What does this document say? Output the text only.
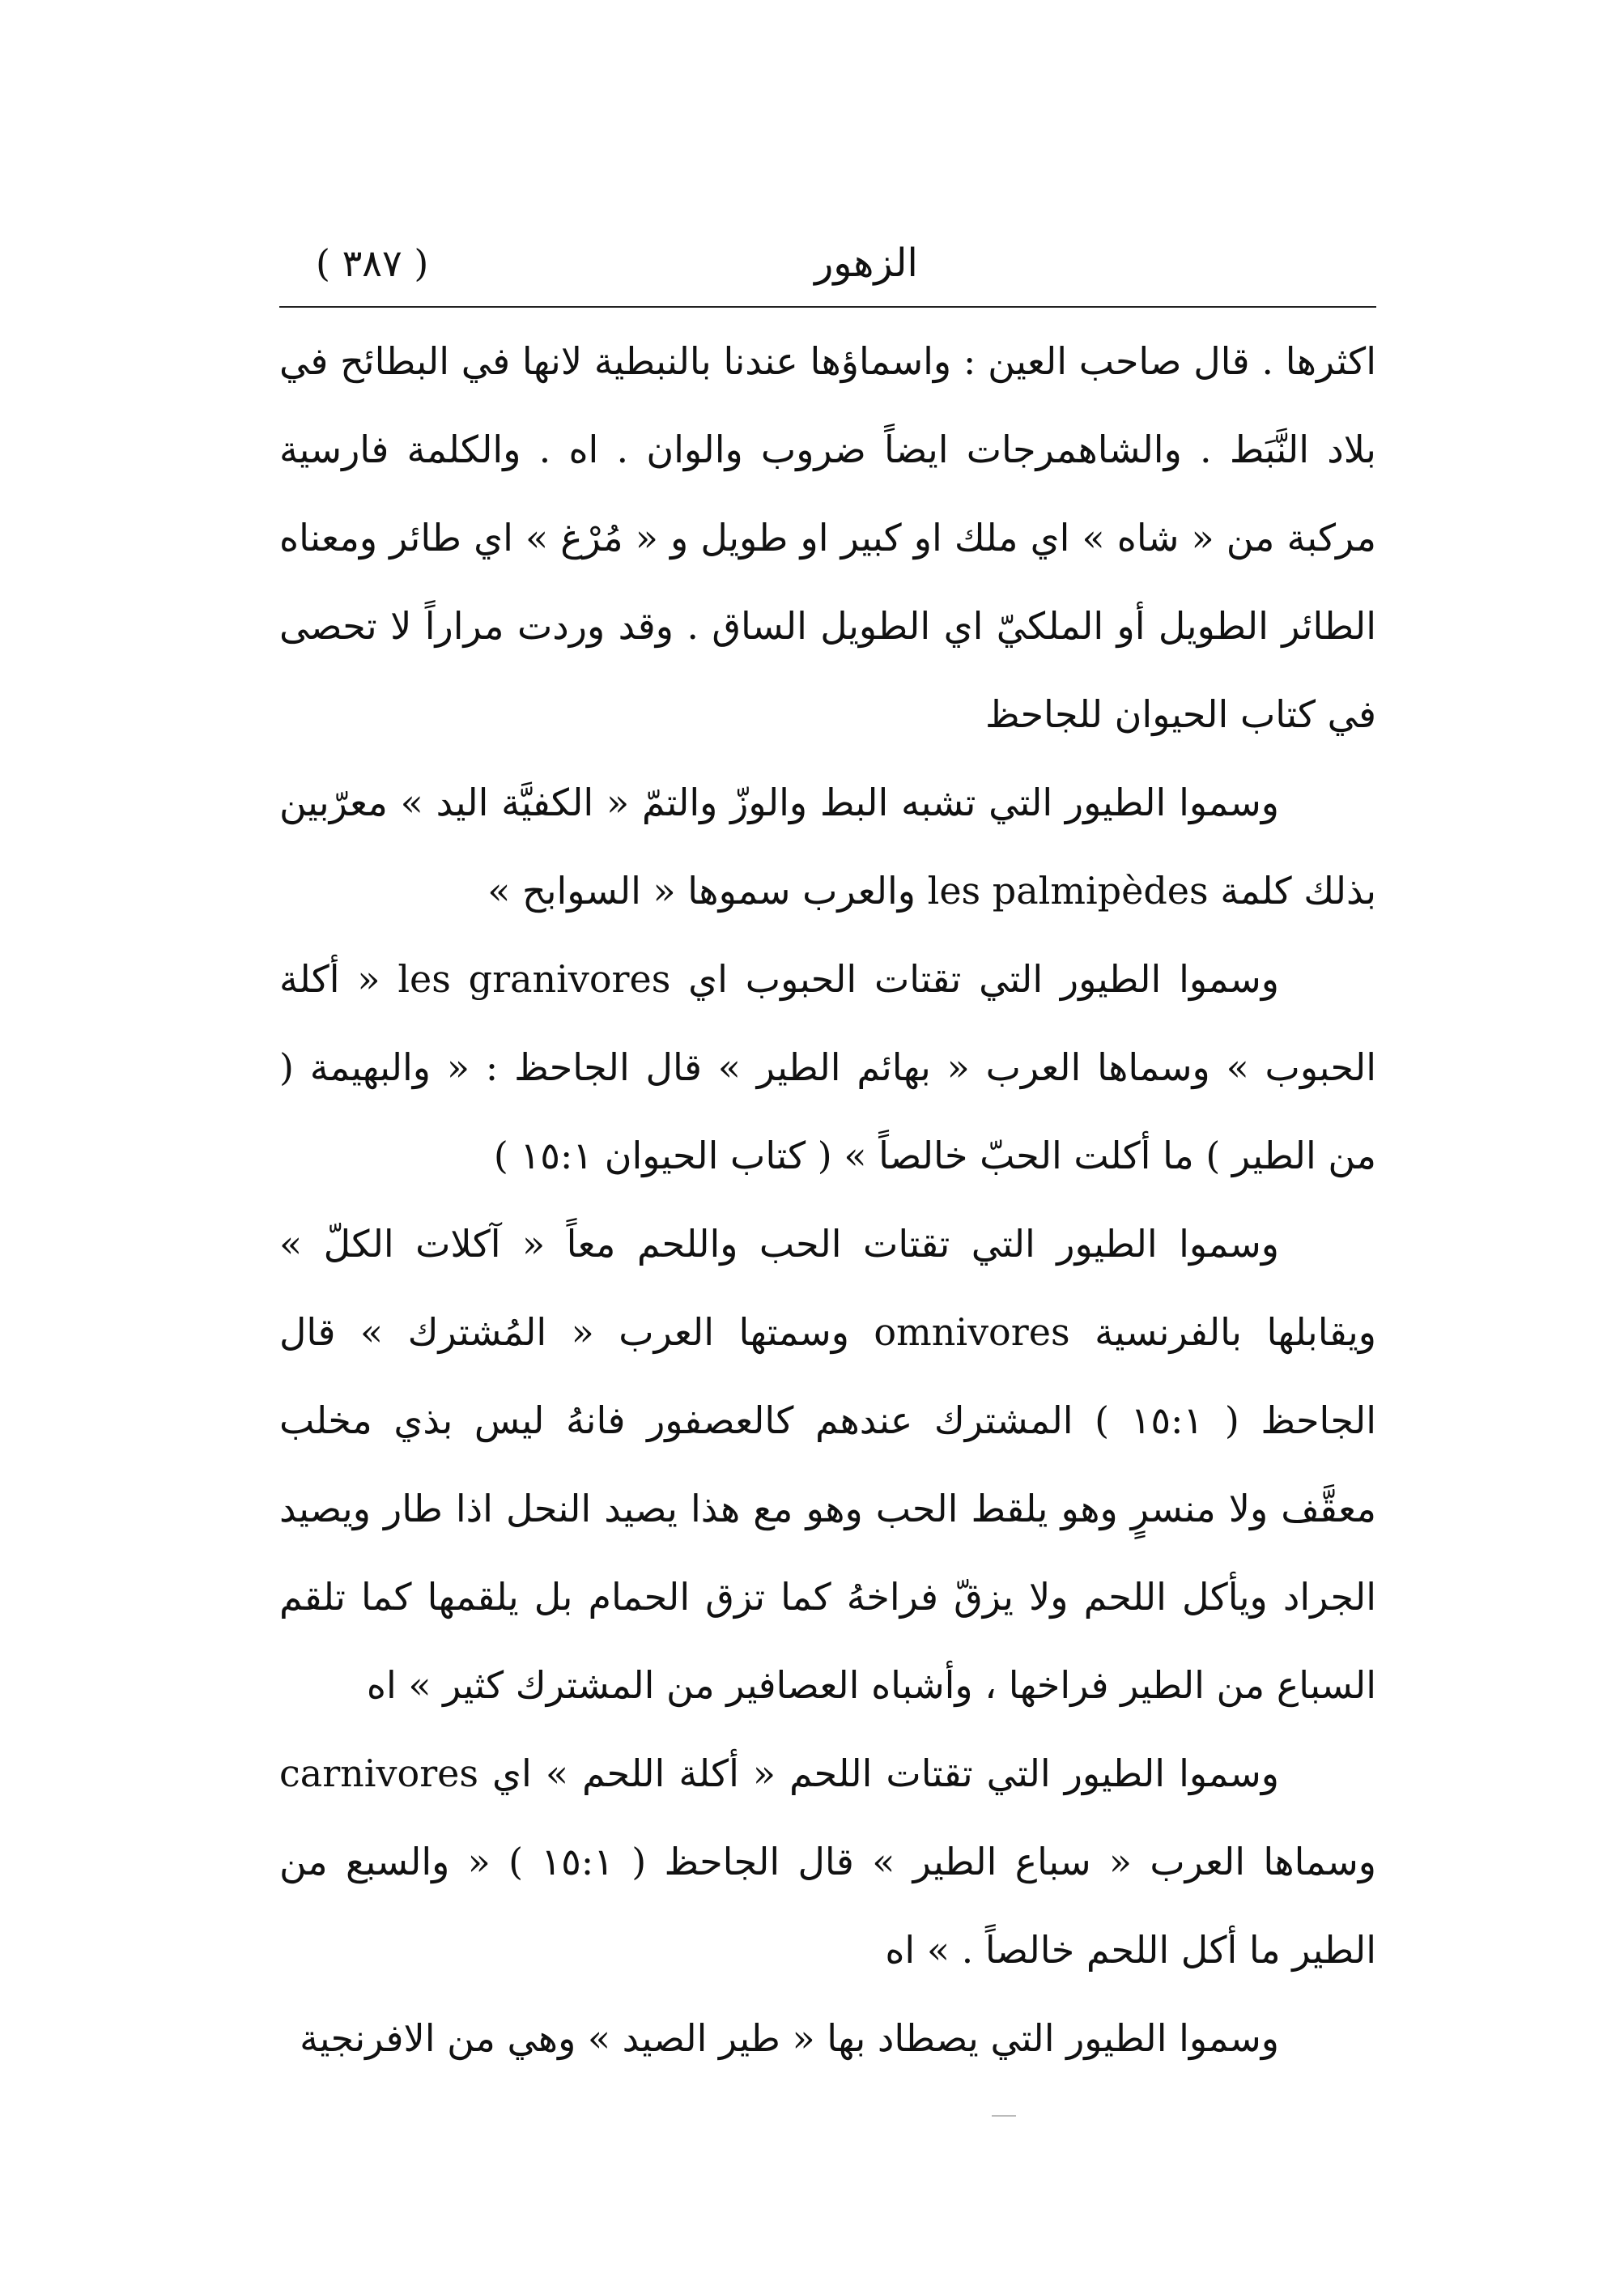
الزهور
( ٣٨٧ )

اكثرها . قال صاحب العين : واسماؤها عندنا بالنبطية لانها في البطائح في بلاد النَّبَط . والشاهمرجات ايضاً ضروب والوان . اه . والكلمة فارسية مركبة من « شاه » اي ملك او كبير او طويل و « مُرْغ » اي طائر ومعناه الطائر الطويل أو الملكيّ اي الطويل الساق . وقد وردت مراراً لا تحصى في كتاب الحيوان للجاحظ

وسموا الطيور التي تشبه البط والوزّ والتمّ « الكفيَّة اليد » معرّبين بذلك كلمة les palmipèdes والعرب سموها « السوابح »

وسموا الطيور التي تقتات الحبوب اي les granivores « أكلة الحبوب » وسماها العرب « بهائم الطير » قال الجاحظ : « والبهيمة ( من الطير ) ما أكلت الحبّ خالصاً » ( كتاب الحيوان ١٥:١ )

وسموا الطيور التي تقتات الحب واللحم معاً « آكلات الكلّ » ويقابلها بالفرنسية omnivores وسمتها العرب « المُشترك » قال الجاحظ ( ١٥:١ ) المشترك عندهم كالعصفور فانهُ ليس بذي مخلب معقَّف ولا منسرٍ وهو يلقط الحب وهو مع هذا يصيد النحل اذا طار ويصيد الجراد ويأكل اللحم ولا يزقّ فراخهُ كما تزق الحمام بل يلقمها كما تلقم السباع من الطير فراخها ، وأشباه العصافير من المشترك كثير » اه

وسموا الطيور التي تقتات اللحم « أكلة اللحم » اي carnivores وسماها العرب « سباع الطير » قال الجاحظ ( ١٥:١ ) « والسبع من الطير ما أكل اللحم خالصاً . » اه

وسموا الطيور التي يصطاد بها « طير الصيد » وهي من الافرنجية
